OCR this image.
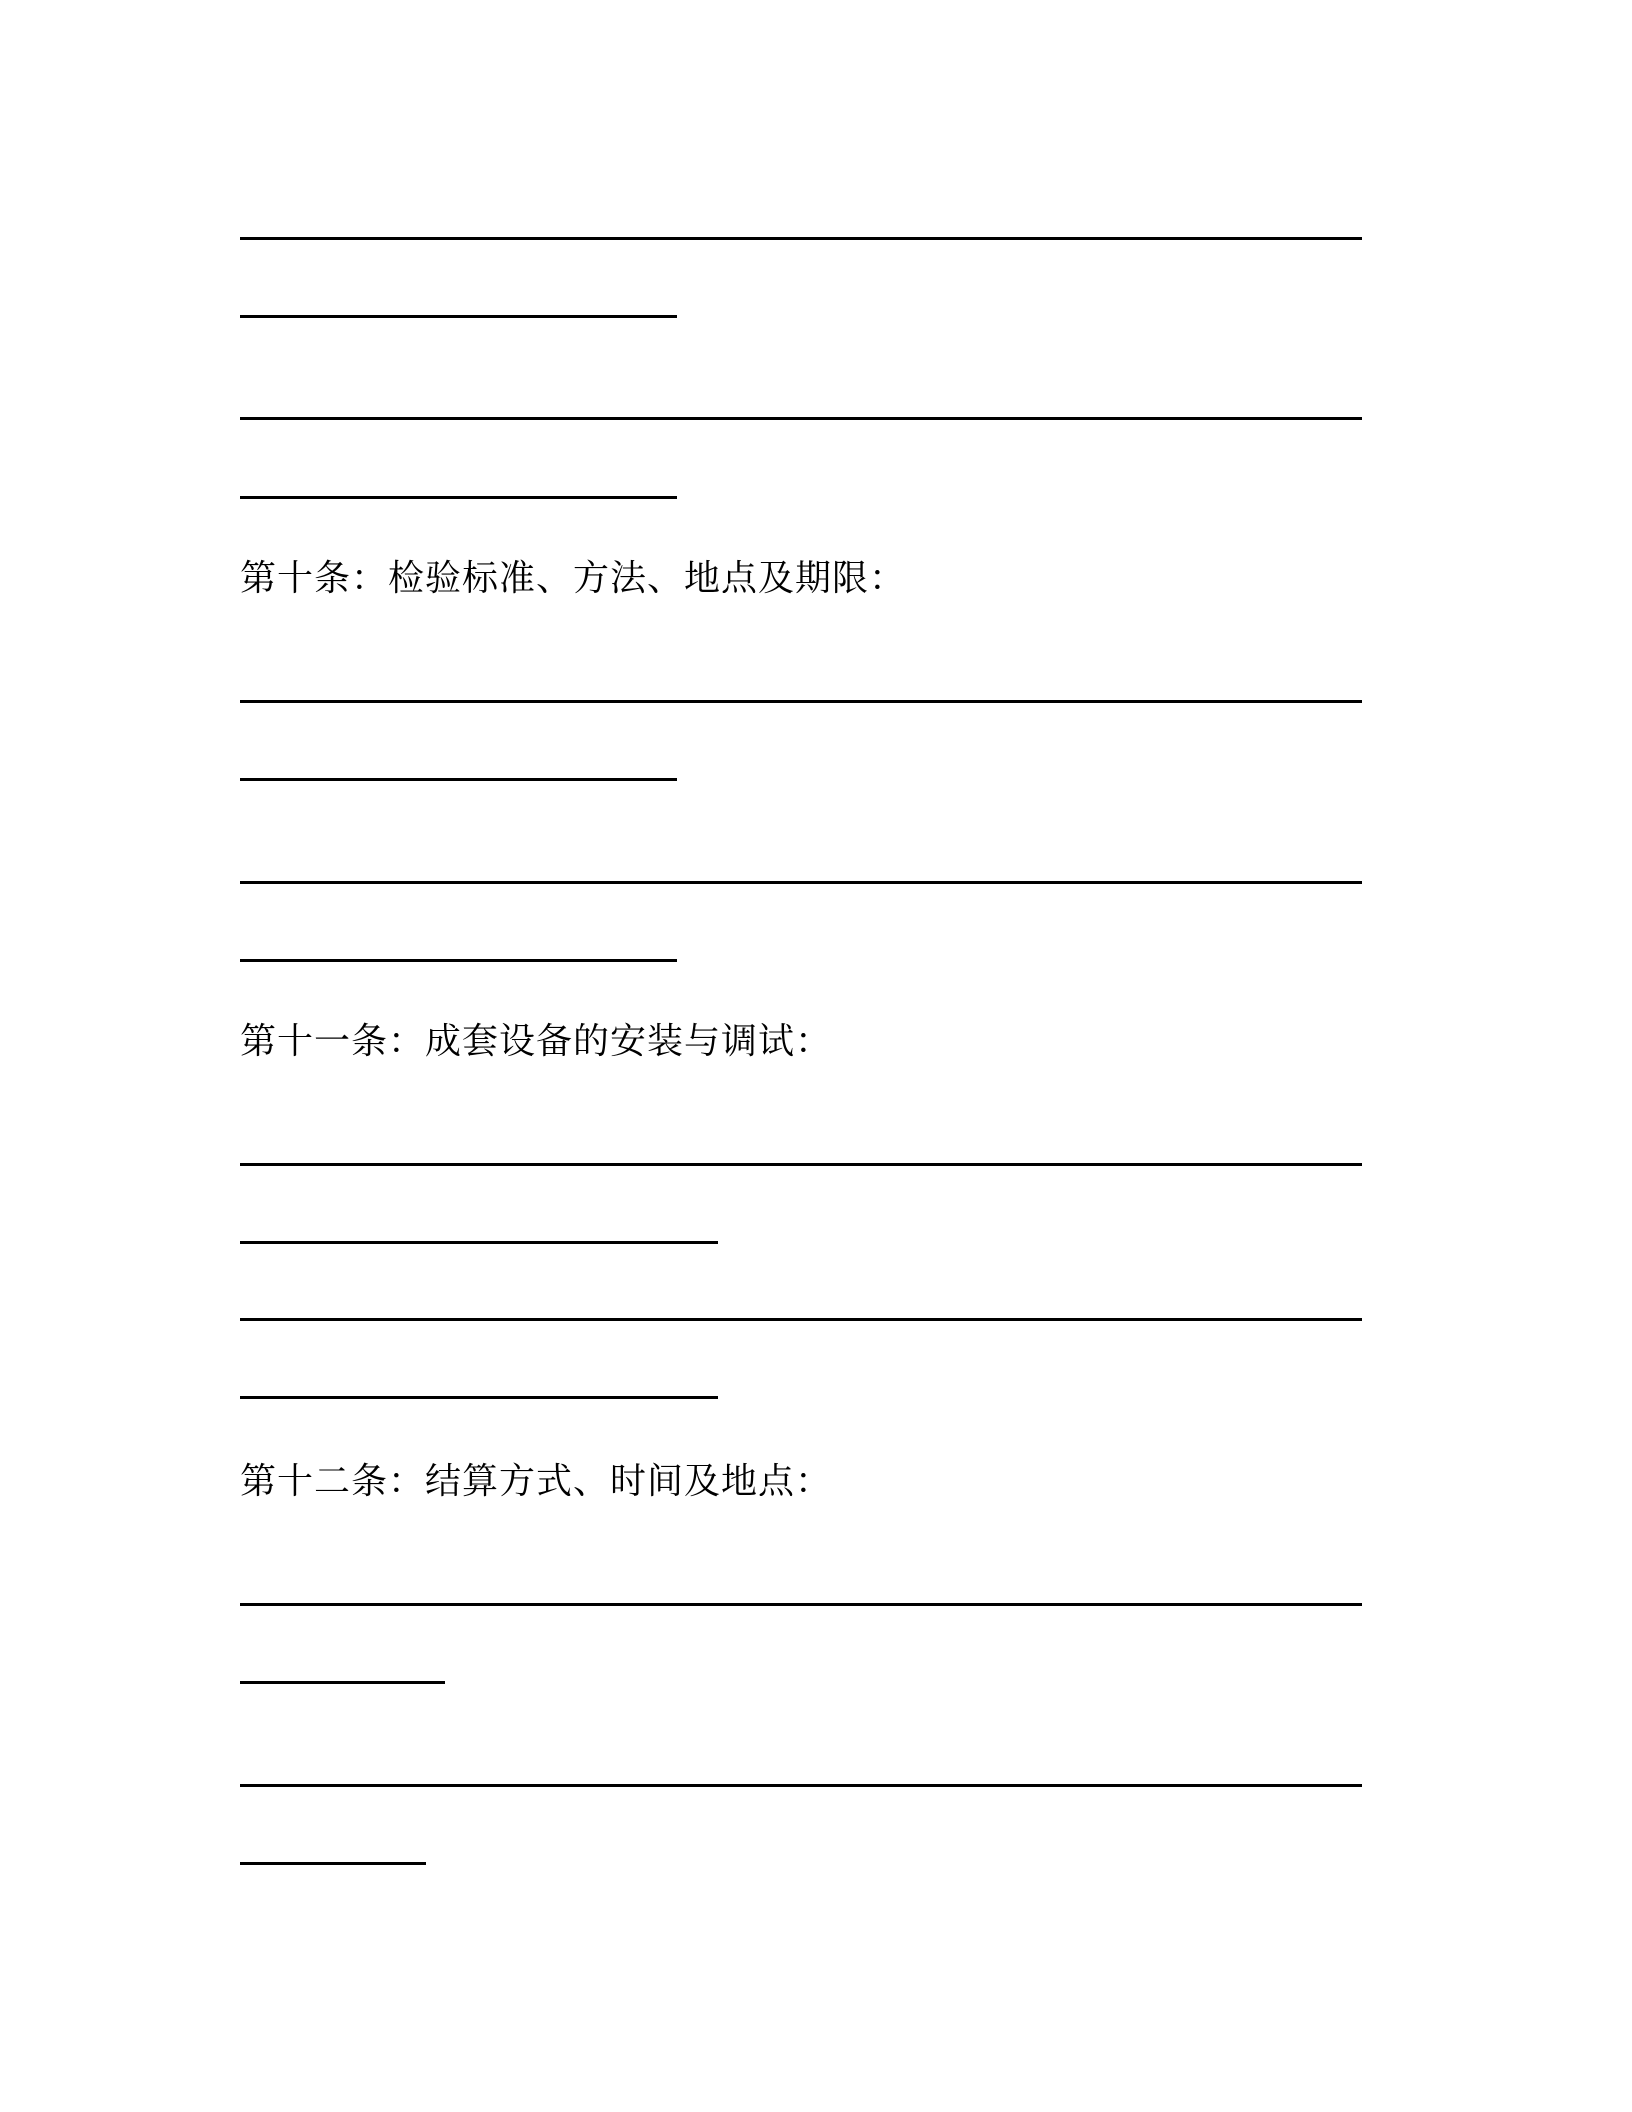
第十条：检验标准、方法、地点及期限：
第十一条：成套设备的安装与调试：
第十二条：结算方式、时间及地点：
